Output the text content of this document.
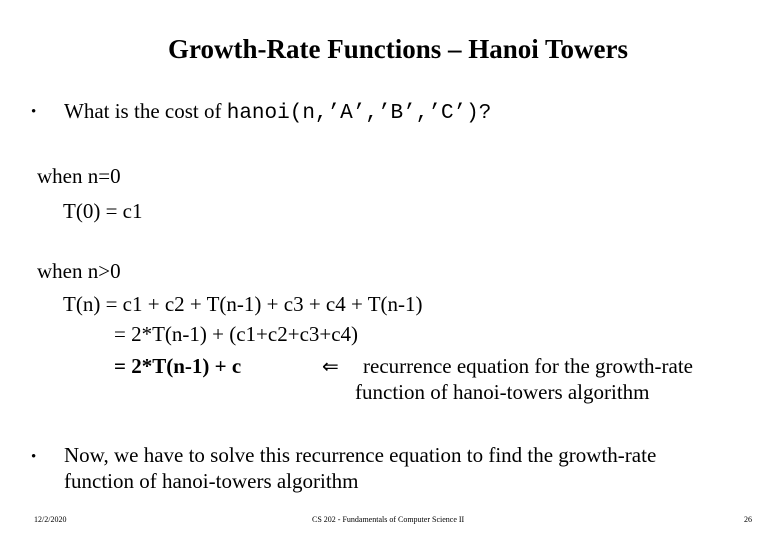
Growth-Rate Functions – Hanoi Towers
• What is the cost of hanoi(n,’A’,’B’,’C’)?
when n=0
T(0) = c1
when n>0
T(n) = c1 + c2 + T(n-1) + c3 + c4 + T(n-1)
= 2*T(n-1) + (c1+c2+c3+c4)
= 2*T(n-1) + c	⇐ recurrence equation for the growth-rate
function of hanoi-towers algorithm
• Now, we have to solve this recurrence equation to find the growth-rate
function of hanoi-towers algorithm
12/2/2020	CS 202 - Fundamentals of Computer Science II	26
